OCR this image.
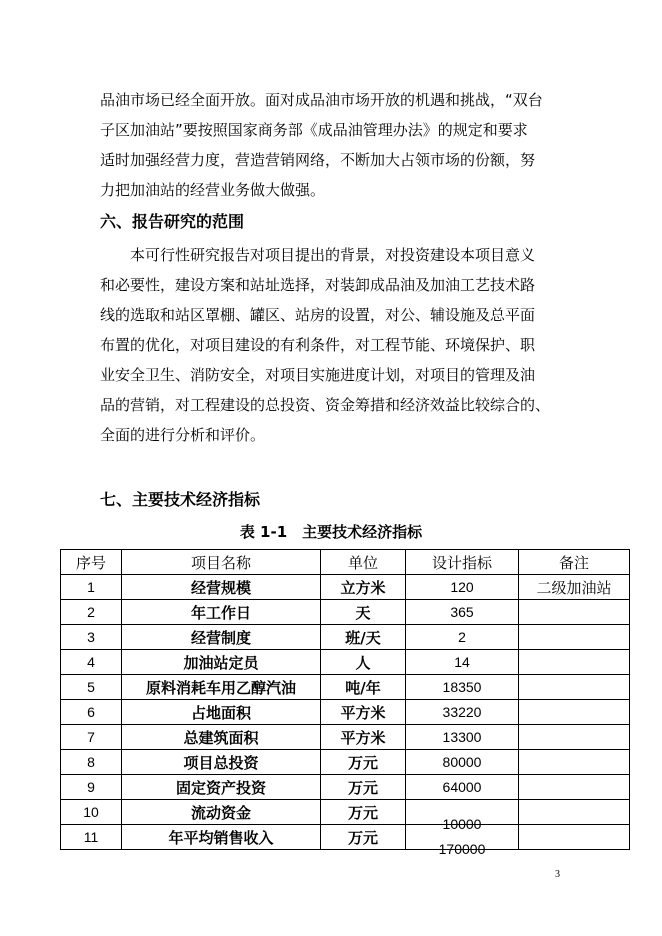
品油市场已经全面开放。面对成品油市场开放的机遇和挑战，“双台
子区加油站”要按照国家商务部《成品油管理办法》的规定和要求
适时加强经营力度，营造营销网络，不断加大占领市场的份额，努
力把加油站的经营业务做大做强。
六、报告研究的范围
本可行性研究报告对项目提出的背景，对投资建设本项目意义
和必要性，建设方案和站址选择，对装卸成品油及加油工艺技术路
线的选取和站区罩棚、罐区、站房的设置，对公、辅设施及总平面
布置的优化，对项目建设的有利条件，对工程节能、环境保护、职
业安全卫生、消防安全，对项目实施进度计划，对项目的管理及油
品的营销，对工程建设的总投资、资金筹措和经济效益比较综合的、
全面的进行分析和评价。
七、主要技术经济指标
表 1-1　主要技术经济指标
序号	项目名称	单位	设计指标	备注
1	经营规模	立方米	120	二级加油站
2	年工作日	天	365	
3	经营制度	班/天	2	
4	加油站定员	人	14	
5	原料消耗车用乙醇汽油	吨/年	18350	
6	占地面积	平方米	33220	
7	总建筑面积	平方米	13300	
8	项目总投资	万元	80000	
9	固定资产投资	万元	64000	
10	流动资金	万元	10000	
11	年平均销售收入	万元	170000	
3
